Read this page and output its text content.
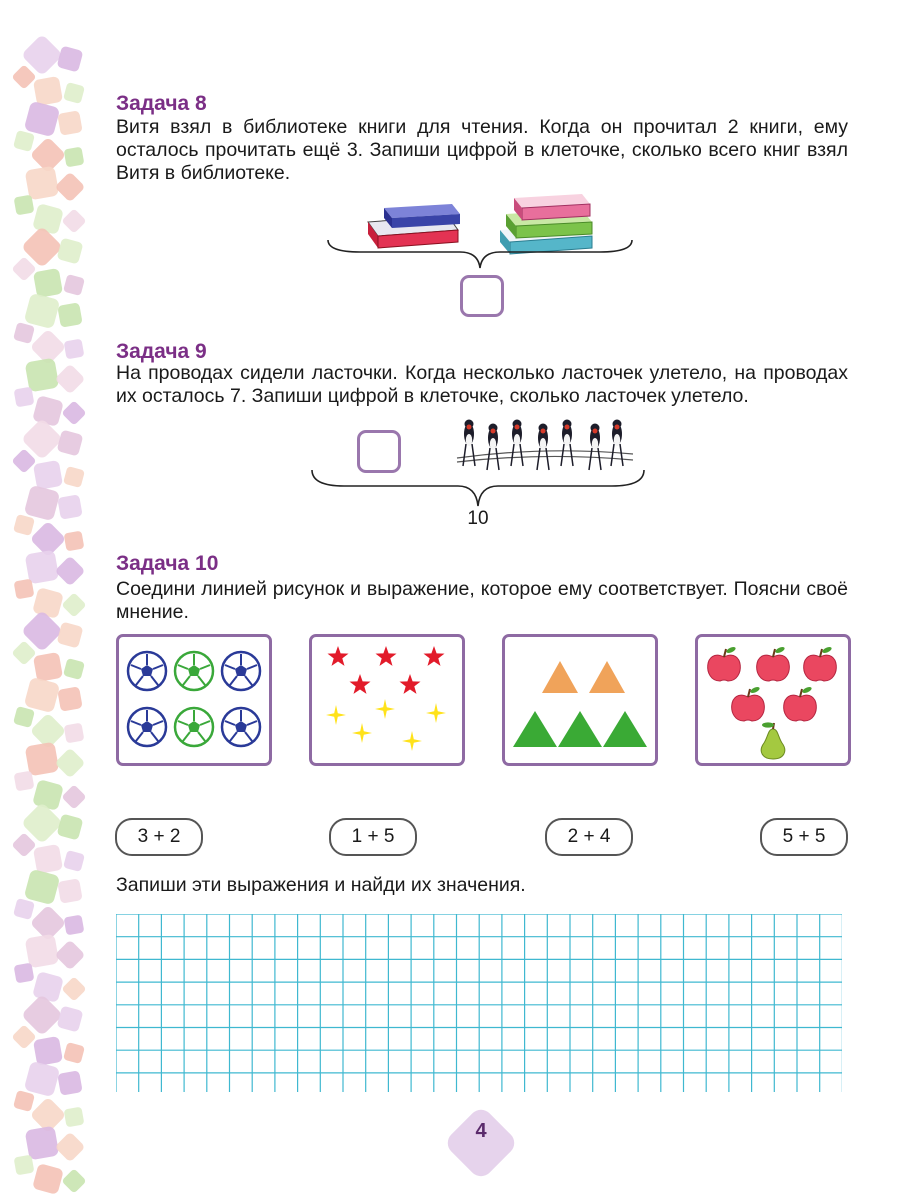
Задача 8
Витя взял в библиотеке книги для чтения. Когда он прочитал 2 книги, ему осталось прочитать ещё 3. Запиши цифрой в клеточке, сколько всего книг взял Витя в библиотеке.
Задача 9
На проводах сидели ласточки. Когда несколько ласточек улетело, на проводах их осталось 7. Запиши цифрой в клеточке, сколько ласточек улетело.
10
Задача 10
Соедини линией рисунок и выражение, которое ему соответствует. Поясни своё мнение.
3 + 2	1 + 5	2 + 4	5 + 5
Запиши эти выражения и найди их значения.
4
